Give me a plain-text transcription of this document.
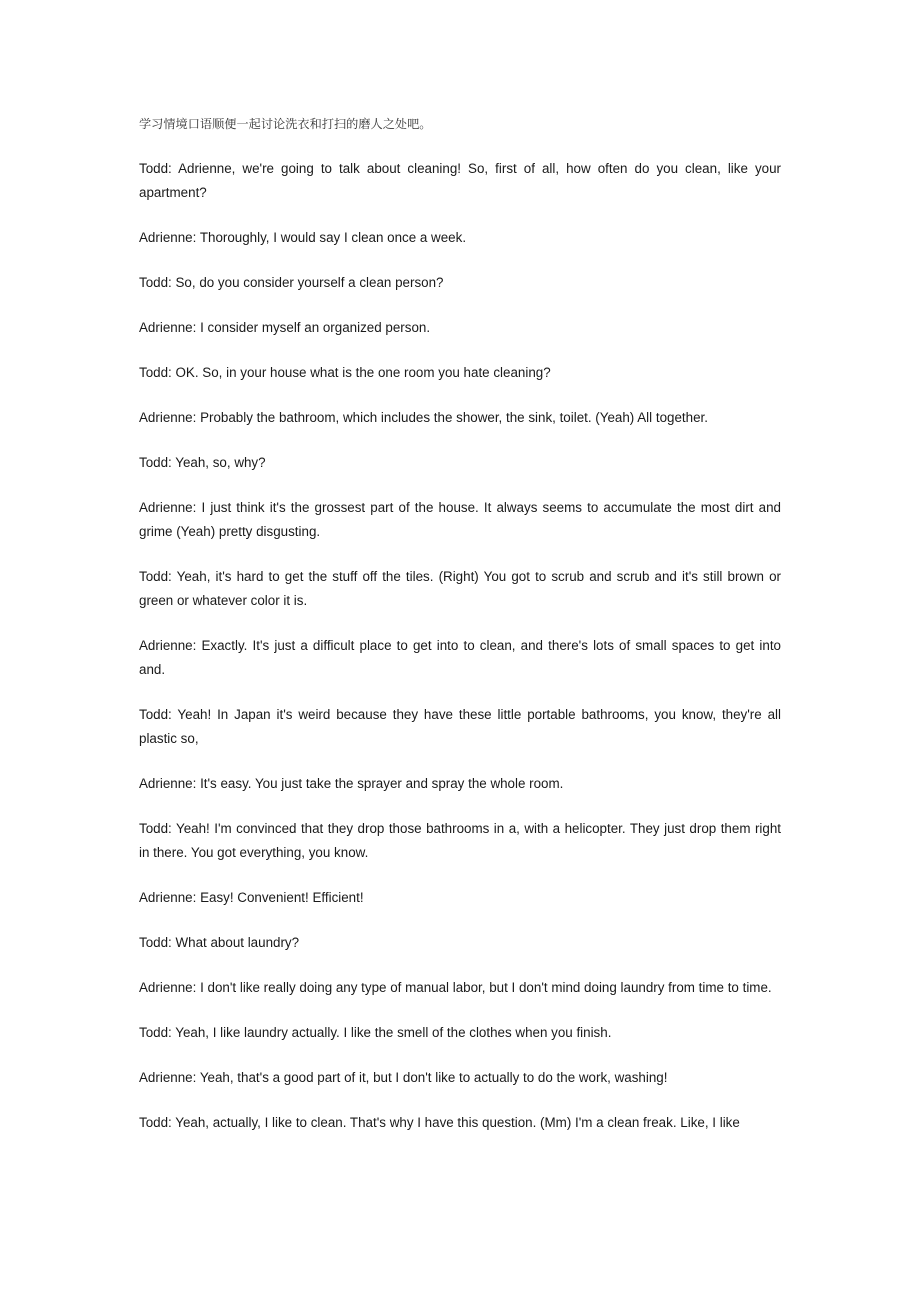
学习情境口语顺便一起讨论洗衣和打扫的磨人之处吧。

Todd : Adrienne, we're going to talk about cleaning! So, first of all, how often do you clean, like your apartment?

Adrienne : Thoroughly, I would say I clean once a week.

Todd : So, do you consider yourself a clean person?

Adrienne : I consider myself an organized person.

Todd : OK. So, in your house what is the one room you hate cleaning?

Adrienne : Probably the bathroom, which includes the shower, the sink, toilet. (Yeah) All together.

Todd : Yeah, so, why?

Adrienne : I just think it's the grossest part of the house. It always seems to accumulate the most dirt and grime (Yeah) pretty disgusting.

Todd : Yeah, it's hard to get the stuff off the tiles. (Right) You got to scrub and scrub and it's still brown or green or whatever color it is.

Adrienne : Exactly. It's just a difficult place to get into to clean, and there's lots of small spaces to get into and.

Todd : Yeah! In Japan it's weird because they have these little portable bathrooms, you know, they're all plastic so,

Adrienne : It's easy. You just take the sprayer and spray the whole room.

Todd : Yeah! I'm convinced that they drop those bathrooms in a, with a helicopter. They just drop them right in there. You got everything, you know.

Adrienne : Easy! Convenient! Efficient!

Todd : What about laundry?

Adrienne : I don't like really doing any type of manual labor, but I don't mind doing laundry from time to time.

Todd : Yeah, I like laundry actually. I like the smell of the clothes when you finish.

Adrienne : Yeah, that's a good part of it, but I don't like to actually to do the work, washing!

Todd : Yeah, actually, I like to clean. That's why I have this question. (Mm) I'm a clean freak. Like, I like
